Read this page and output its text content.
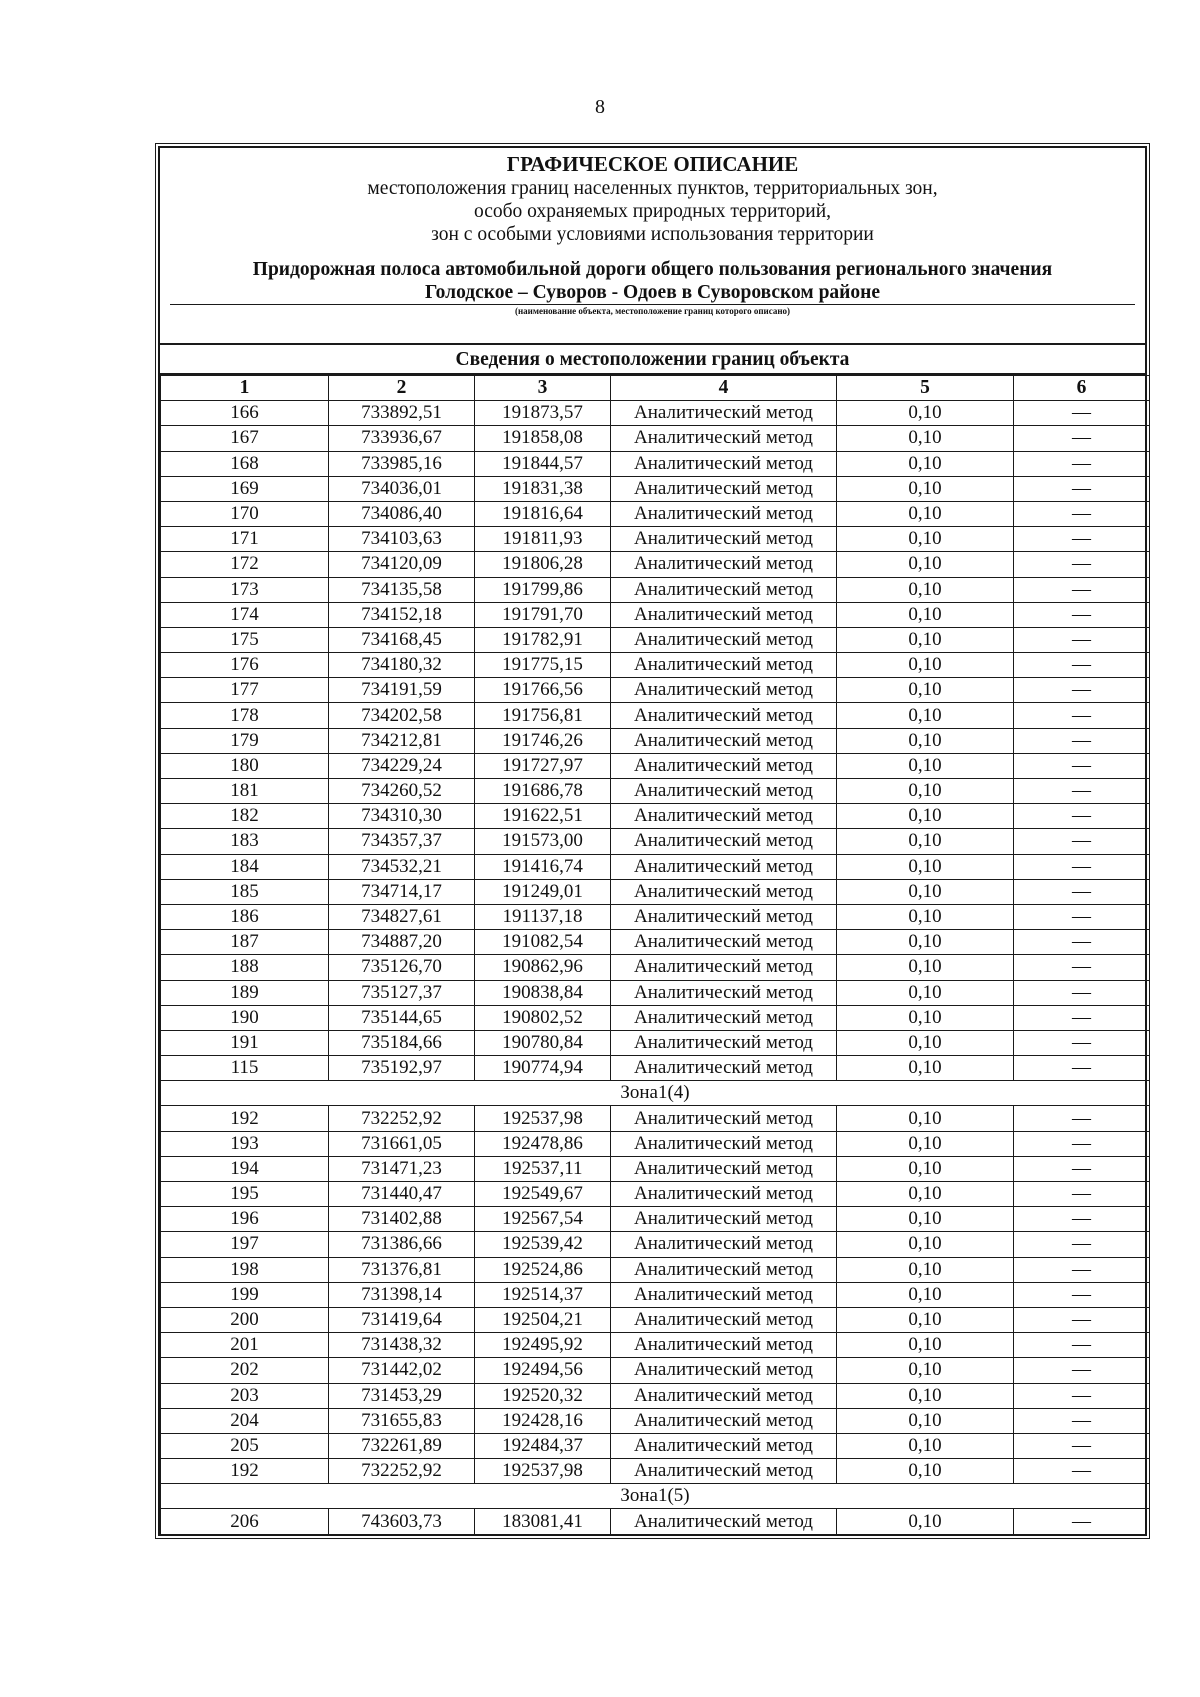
8
ГРАФИЧЕСКОЕ ОПИСАНИЕ
местоположения границ населенных пунктов, территориальных зон,
особо охраняемых природных территорий,
зон с особыми условиями использования территории
Придорожная полоса автомобильной дороги общего пользования регионального значения
Голодское – Суворов - Одоев в Суворовском районе
(наименование объекта, местоположение границ которого описано)
Сведения о местоположении границ объекта
1	2	3	4	5	6
166	733892,51	191873,57	Аналитический метод	0,10	—
167	733936,67	191858,08	Аналитический метод	0,10	—
168	733985,16	191844,57	Аналитический метод	0,10	—
169	734036,01	191831,38	Аналитический метод	0,10	—
170	734086,40	191816,64	Аналитический метод	0,10	—
171	734103,63	191811,93	Аналитический метод	0,10	—
172	734120,09	191806,28	Аналитический метод	0,10	—
173	734135,58	191799,86	Аналитический метод	0,10	—
174	734152,18	191791,70	Аналитический метод	0,10	—
175	734168,45	191782,91	Аналитический метод	0,10	—
176	734180,32	191775,15	Аналитический метод	0,10	—
177	734191,59	191766,56	Аналитический метод	0,10	—
178	734202,58	191756,81	Аналитический метод	0,10	—
179	734212,81	191746,26	Аналитический метод	0,10	—
180	734229,24	191727,97	Аналитический метод	0,10	—
181	734260,52	191686,78	Аналитический метод	0,10	—
182	734310,30	191622,51	Аналитический метод	0,10	—
183	734357,37	191573,00	Аналитический метод	0,10	—
184	734532,21	191416,74	Аналитический метод	0,10	—
185	734714,17	191249,01	Аналитический метод	0,10	—
186	734827,61	191137,18	Аналитический метод	0,10	—
187	734887,20	191082,54	Аналитический метод	0,10	—
188	735126,70	190862,96	Аналитический метод	0,10	—
189	735127,37	190838,84	Аналитический метод	0,10	—
190	735144,65	190802,52	Аналитический метод	0,10	—
191	735184,66	190780,84	Аналитический метод	0,10	—
115	735192,97	190774,94	Аналитический метод	0,10	—
Зона1(4)					
192	732252,92	192537,98	Аналитический метод	0,10	—
193	731661,05	192478,86	Аналитический метод	0,10	—
194	731471,23	192537,11	Аналитический метод	0,10	—
195	731440,47	192549,67	Аналитический метод	0,10	—
196	731402,88	192567,54	Аналитический метод	0,10	—
197	731386,66	192539,42	Аналитический метод	0,10	—
198	731376,81	192524,86	Аналитический метод	0,10	—
199	731398,14	192514,37	Аналитический метод	0,10	—
200	731419,64	192504,21	Аналитический метод	0,10	—
201	731438,32	192495,92	Аналитический метод	0,10	—
202	731442,02	192494,56	Аналитический метод	0,10	—
203	731453,29	192520,32	Аналитический метод	0,10	—
204	731655,83	192428,16	Аналитический метод	0,10	—
205	732261,89	192484,37	Аналитический метод	0,10	—
192	732252,92	192537,98	Аналитический метод	0,10	—
Зона1(5)					
206	743603,73	183081,41	Аналитический метод	0,10	—
